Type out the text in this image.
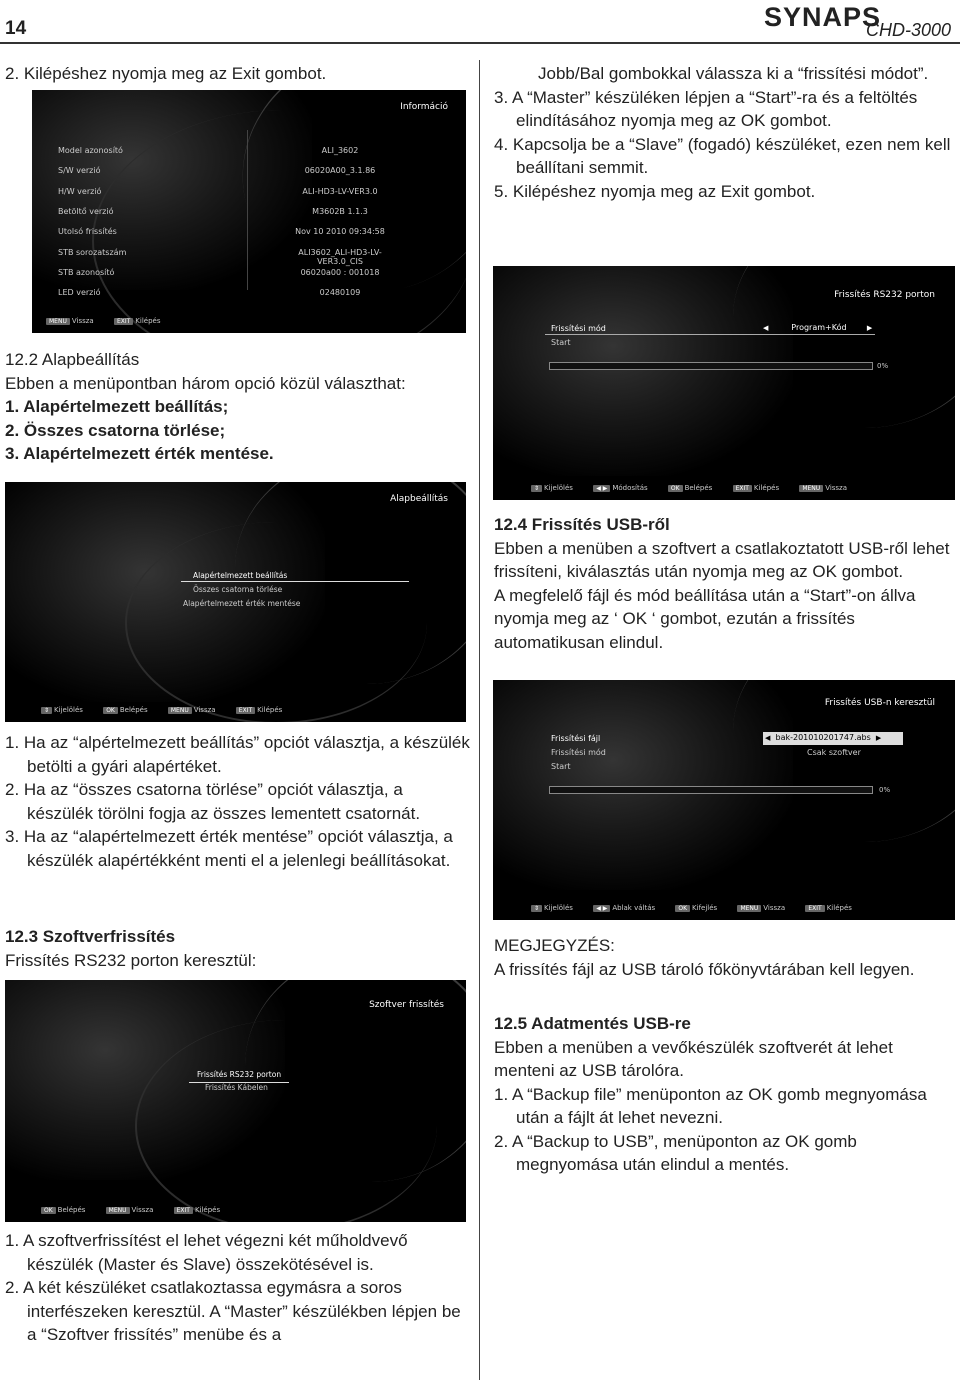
14	SYNAPS
CHD-3000
2. Kilépéshez nyomja meg az Exit gombot.
Információ
Model azonosító	ALI_3602
S/W verzió	06020A00_3.1.86
H/W verzió	ALI-HD3-LV-VER3.0
Betöltő verzió	M3602B 1.1.3
Utolsó frissítés	Nov 10 2010 09:34:58
STB sorozatszám	ALI3602_ALI-HD3-LV-VER3.0_CIS
STB azonosító	06020a00 : 001018
LED verzió	02480109
MENU Vissza	EXIT Kilépés
12.2 Alapbeállítás
Ebben a menüpontban három opció közül választhat:
1. Alapértelmezett beállítás;
2. Összes csatorna törlése;
3. Alapértelmezett érték mentése.
Alapbeállítás
Alapértelmezett beállítás
Összes csatorna törlése
Alapértelmezett érték mentése
⇕ Kijelölés	OK Belépés	MENU Vissza	EXIT Kilépés
1. Ha az “alpértelmezett beállítás” opciót választja, a készülék betölti a gyári alapértéket.
2. Ha az “összes csatorna törlése” opciót választja, a készülék törölni fogja az összes lementett csatornát.
3. Ha az “alapértelmezett érték mentése” opciót választja, a készülék alapértékként menti el a jelenlegi beállításokat.
12.3 Szoftverfrissítés
Frissítés RS232 porton keresztül:
Szoftver frissítés
Frissítés RS232 porton
Frissítés Kábelen
OK Belépés	MENU Vissza	EXIT Kilépés
1. A szoftverfrissítést el lehet végezni két műholdvevő készülék (Master és Slave) összekötésével is.
2. A két készüléket csatlakoztassa egymásra a soros interfészeken keresztül. A “Master” készülékben lépjen be a “Szoftver frissítés” menübe és a
Jobb/Bal gombokkal válassza ki a “frissítési módot”.
3. A “Master” készüléken lépjen a “Start”-ra és a feltöltés elindításához nyomja meg az OK gombot.
4. Kapcsolja be a “Slave” (fogadó) készüléket, ezen nem kell beállítani semmit.
5. Kilépéshez nyomja meg az Exit gombot.
Frissítés RS232 porton
Frissítési mód	◀	Program+Kód	▶
Start
0%
⇕ Kijelölés	◀ ▶ Módosítás	OK Belépés	EXIT Kilépés	MENU Vissza
12.4 Frissítés USB-ről
Ebben a menüben a szoftvert a csatlakoztatott USB-ről lehet frissíteni, kiválasztás után nyomja meg az OK gombot.
A megfelelő fájl és mód beállítása után a “Start”-on állva nyomja meg az ‘ OK ‘ gombot, ezután a frissítés automatikusan elindul.
Frissítés USB-n keresztül
Frissítési fájl	◀ bak-201010201747.abs ▶
Frissítési mód	Csak szoftver
Start
0%
⇕ Kijelölés	◀ ▶ Ablak váltás	OK Kifejlés	MENU Vissza	EXIT Kilépés
MEGJEGYZÉS:
A frissítés fájl az USB tároló főkönyvtárában kell legyen.
12.5 Adatmentés USB-re
Ebben a menüben a vevőkészülék szoftverét át lehet menteni az USB tárolóra.
1. A “Backup file” menüponton az OK gomb megnyomása után a fájlt át lehet nevezni.
2. A “Backup to USB”, menüponton az OK gomb megnyomása után elindul a mentés.
